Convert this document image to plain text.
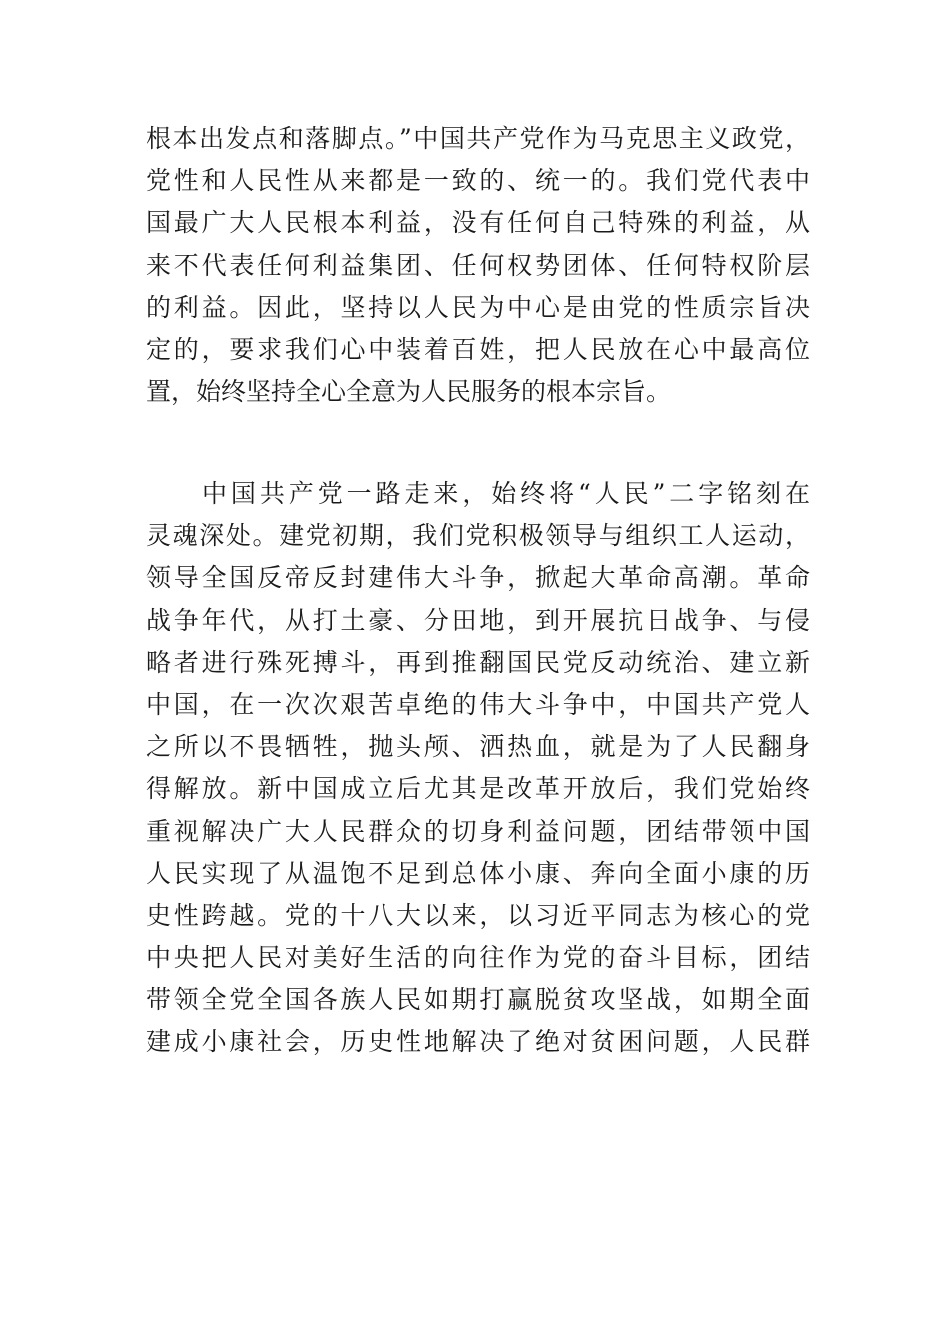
根本出发点和落脚点。”中国共产党作为马克思主义政党，
党性和人民性从来都是一致的、统一的。我们党代表中
国最广大人民根本利益，没有任何自己特殊的利益，从
来不代表任何利益集团、任何权势团体、任何特权阶层
的利益。因此，坚持以人民为中心是由党的性质宗旨决
定的，要求我们心中装着百姓，把人民放在心中最高位
置，始终坚持全心全意为人民服务的根本宗旨。
中国共产党一路走来，始终将“人民”二字铭刻在
灵魂深处。建党初期，我们党积极领导与组织工人运动，
领导全国反帝反封建伟大斗争，掀起大革命高潮。革命
战争年代，从打土豪、分田地，到开展抗日战争、与侵
略者进行殊死搏斗，再到推翻国民党反动统治、建立新
中国，在一次次艰苦卓绝的伟大斗争中，中国共产党人
之所以不畏牺牲，抛头颅、洒热血，就是为了人民翻身
得解放。新中国成立后尤其是改革开放后，我们党始终
重视解决广大人民群众的切身利益问题，团结带领中国
人民实现了从温饱不足到总体小康、奔向全面小康的历
史性跨越。党的十八大以来，以习近平同志为核心的党
中央把人民对美好生活的向往作为党的奋斗目标，团结
带领全党全国各族人民如期打赢脱贫攻坚战，如期全面
建成小康社会，历史性地解决了绝对贫困问题，人民群
